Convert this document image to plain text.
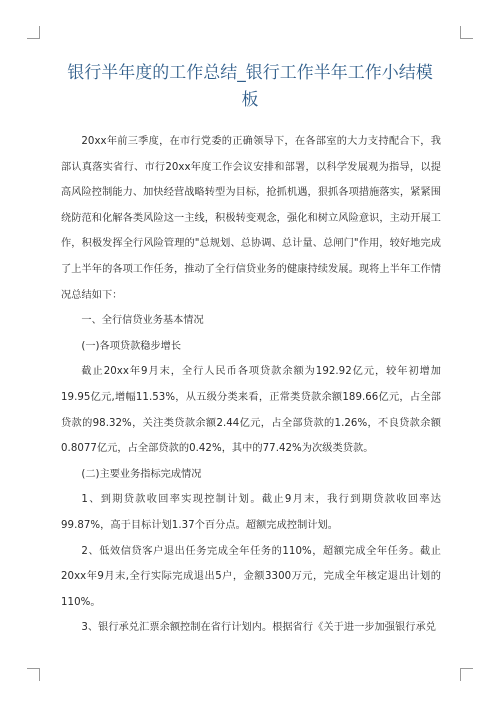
银行半年度的工作总结_银行工作半年工作小结模板

20xx年前三季度，在市行党委的正确领导下，在各部室的大力支持配合下，我部认真落实省行、市行20xx年度工作会议安排和部署，以科学发展观为指导，以提高风险控制能力、加快经营战略转型为目标，抢抓机遇，狠抓各项措施落实，紧紧围绕防范和化解各类风险这一主线，积极转变观念，强化和树立风险意识，主动开展工作，积极发挥全行风险管理的"总规划、总协调、总计量、总闸门"作用，较好地完成了上半年的各项工作任务，推动了全行信贷业务的健康持续发展。现将上半年工作情况总结如下：

一、全行信贷业务基本情况

(一)各项贷款稳步增长

截止20xx年9月末，全行人民币各项贷款余额为192.92亿元，较年初增加19.95亿元,增幅11.53%，从五级分类来看，正常类贷款余额189.66亿元，占全部贷款的98.32%，关注类贷款余额2.44亿元，占全部贷款的1.26%，不良贷款余额0.8077亿元，占全部贷款的0.42%，其中的77.42%为次级类贷款。

(二)主要业务指标完成情况

1、到期贷款收回率实现控制计划。截止9月末，我行到期贷款收回率达99.87%，高于目标计划1.37个百分点。超额完成控制计划。

2、低效信贷客户退出任务完成全年任务的110%，超额完成全年任务。截止20xx年9月末,全行实际完成退出5户，金额3300万元，完成全年核定退出计划的110%。

3、银行承兑汇票余额控制在省行计划内。根据省行《关于进一步加强银行承兑
